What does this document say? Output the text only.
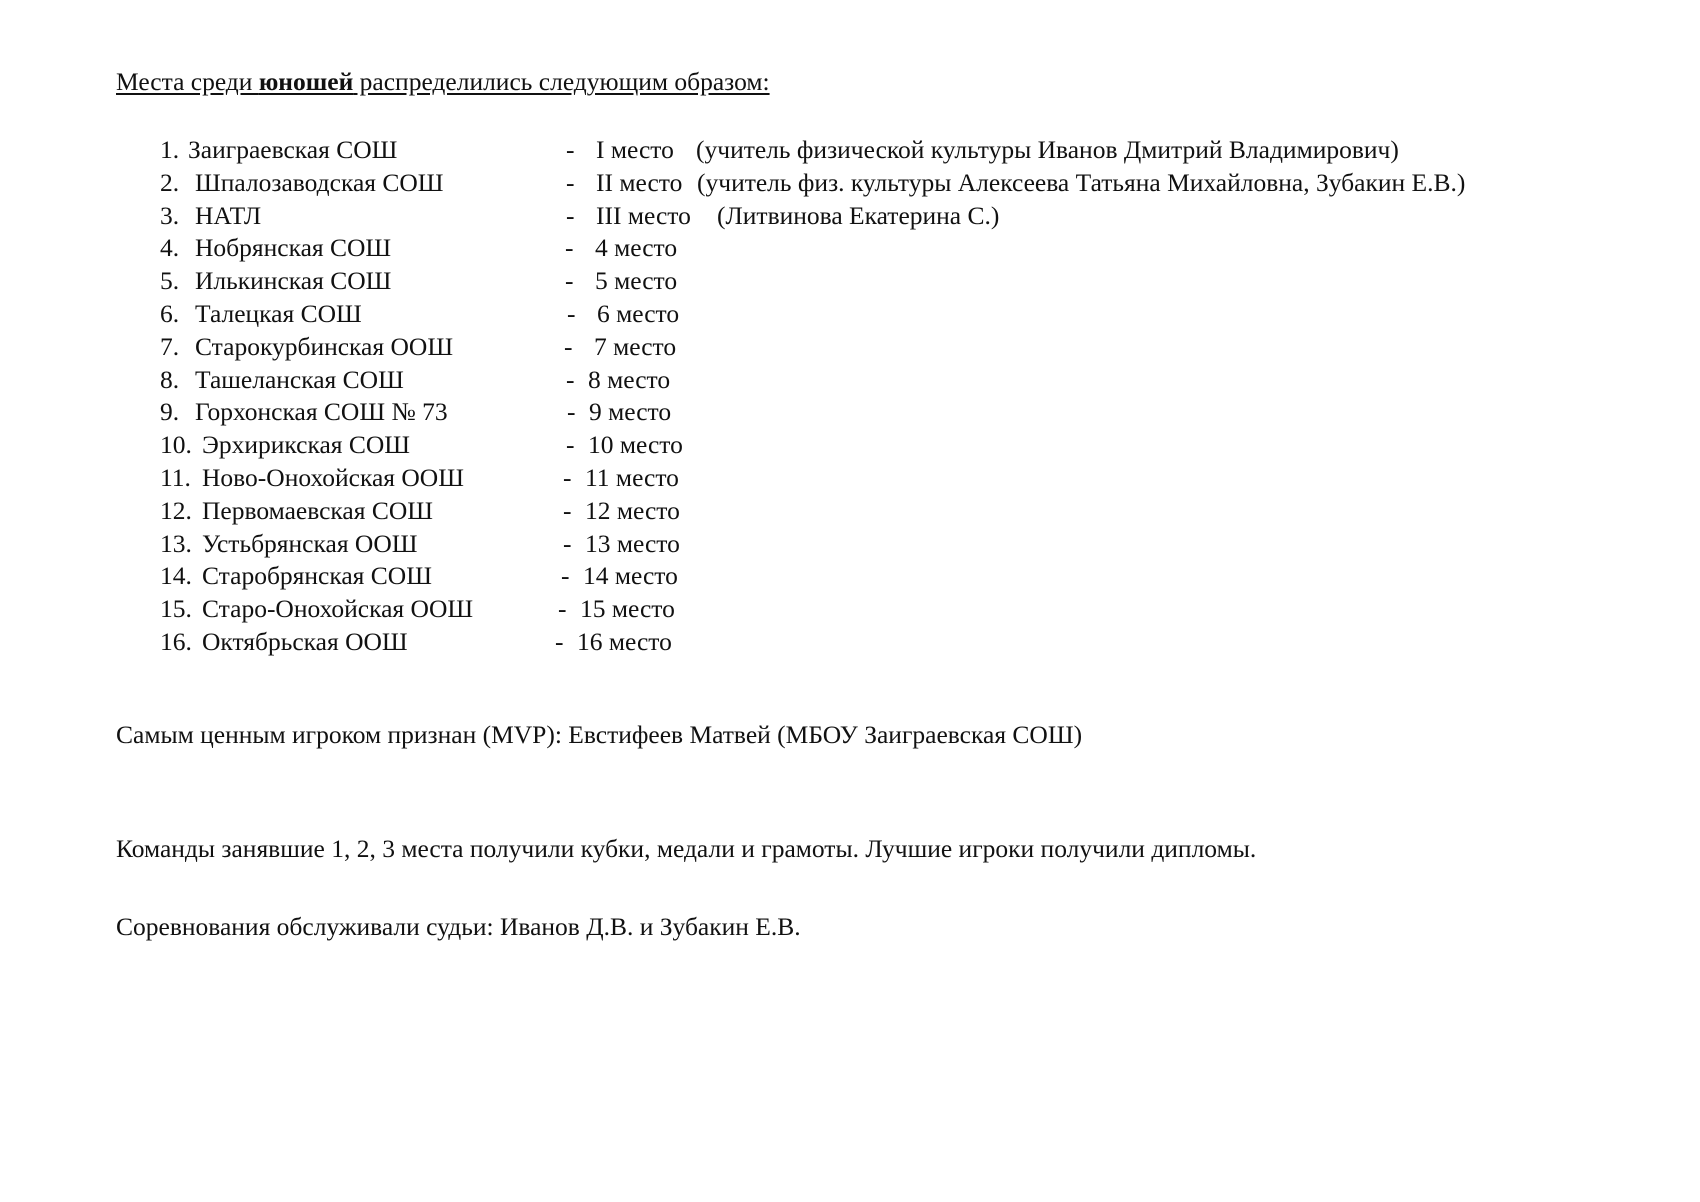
Места среди юношей распределились следующим образом:
1. Заиграевская СОШ	- I место (учитель физической культуры Иванов Дмитрий Владимирович)
2. Шпалозаводская СОШ	- II место (учитель физ. культуры Алексеева Татьяна Михайловна, Зубакин Е.В.)
3. НАТЛ	- III место (Литвинова Екатерина С.)
4. Нобрянская СОШ	- 4 место
5. Илькинская СОШ	- 5 место
6. Талецкая СОШ	- 6 место
7. Старокурбинская ООШ	- 7 место
8. Ташеланская СОШ	- 8 место
9. Горхонская СОШ № 73	- 9 место
10. Эрхирикская СОШ	- 10 место
11. Ново-Онохойская ООШ	- 11 место
12. Первомаевская СОШ	- 12 место
13. Устьбрянская ООШ	- 13 место
14. Старобрянская СОШ	- 14 место
15. Старо-Онохойская ООШ	- 15 место
16. Октябрьская ООШ	- 16 место
Самым ценным игроком признан (MVP): Евстифеев Матвей (МБОУ Заиграевская СОШ)
Команды занявшие 1, 2, 3 места получили кубки, медали и грамоты. Лучшие игроки получили дипломы.
Соревнования обслуживали судьи: Иванов Д.В. и Зубакин Е.В.
